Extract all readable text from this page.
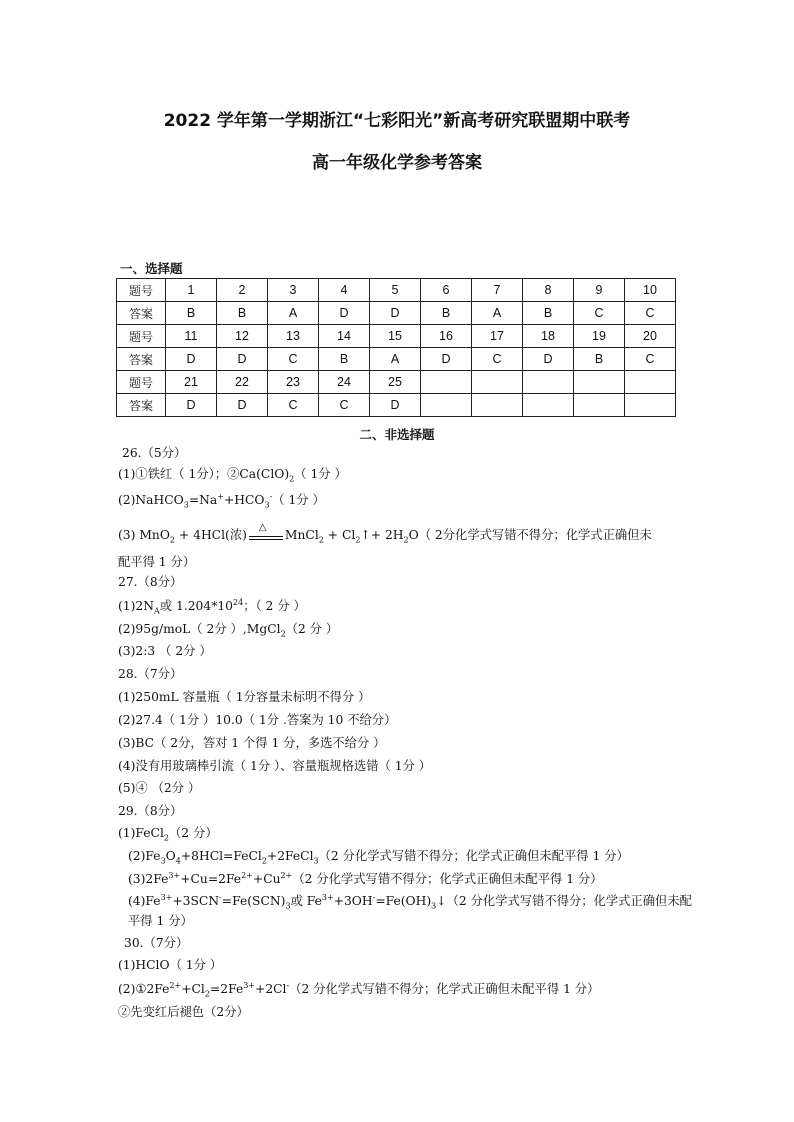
2022 学年第一学期浙江“七彩阳光”新高考研究联盟期中联考
高一年级化学参考答案
一、选择题
题号	1	2	3	4	5	6	7	8	9	10
答案	B	B	A	D	D	B	A	B	C	C
题号	11	12	13	14	15	16	17	18	19	20
答案	D	D	C	B	A	D	C	D	B	C
题号	21	22	23	24	25					
答案	D	D	C	C	D					
二、非选择题
26.（5分）
(1)①铁红（ 1分）；$②Ca(ClO)_2$（ 1分 ）
$(2)NaHCO_3=Na^++HCO_3^-$（ 1分 ）
(3) MnO$_2$ + 4HCl(浓)
△
MnCl$_2$ + $Cl_2↑+ 2H_2O$（ 2分化学式写错不得分；化学式正确但未
配平得 1 分）
27.（8分）
$(1)2N_A$或 $1.204*10^{24}$；（ 2 分 ）
(2)95g/moL（ 2分 ）,MgCl$_2$（2 分 ）
(3)2:3 （ 2分 ）
28.（7分）
(1)250mL 容量瓶（ 1分容量未标明不得分 ）
(2)27.4（ 1分 ）10.0（ 1分 .答案为 10 不给分）
(3)BC（ 2分，答对 1 个得 1 分，多选不给分 ）
(4)没有用玻璃棒引流（ 1分 ）、容量瓶规格选错（ 1分 ）
(5)④ （2分 ）
29.（8分）
(1)FeCl$_2$（2 分）
$(2)Fe_3O_4+8HCl=FeCl_2+2FeCl_3(2$ 分化学式写错不得分；化学式正确但未配平得 1 分）
$(3)2Fe^{3+}+Cu=2Fe^{2+}+Cu^{2+}(2$ 分化学式写错不得分；化学式正确但未配平得 1 分）
$(4)Fe^{3+}+3SCN^-=Fe(SCN)_3$或 $Fe^{3+}+3OH^-=Fe(OH)_3↓(2$ 分化学式写错不得分；化学式正确但未配
平得 1 分）
30.（7分）
(1)HClO（ 1分 ）
$(2)①2Fe^{2+}+Cl_2=2Fe^{3+}+2Cl^-(2$ 分化学式写错不得分；化学式正确但未配平得 1 分）
②先变红后褪色（2分）
